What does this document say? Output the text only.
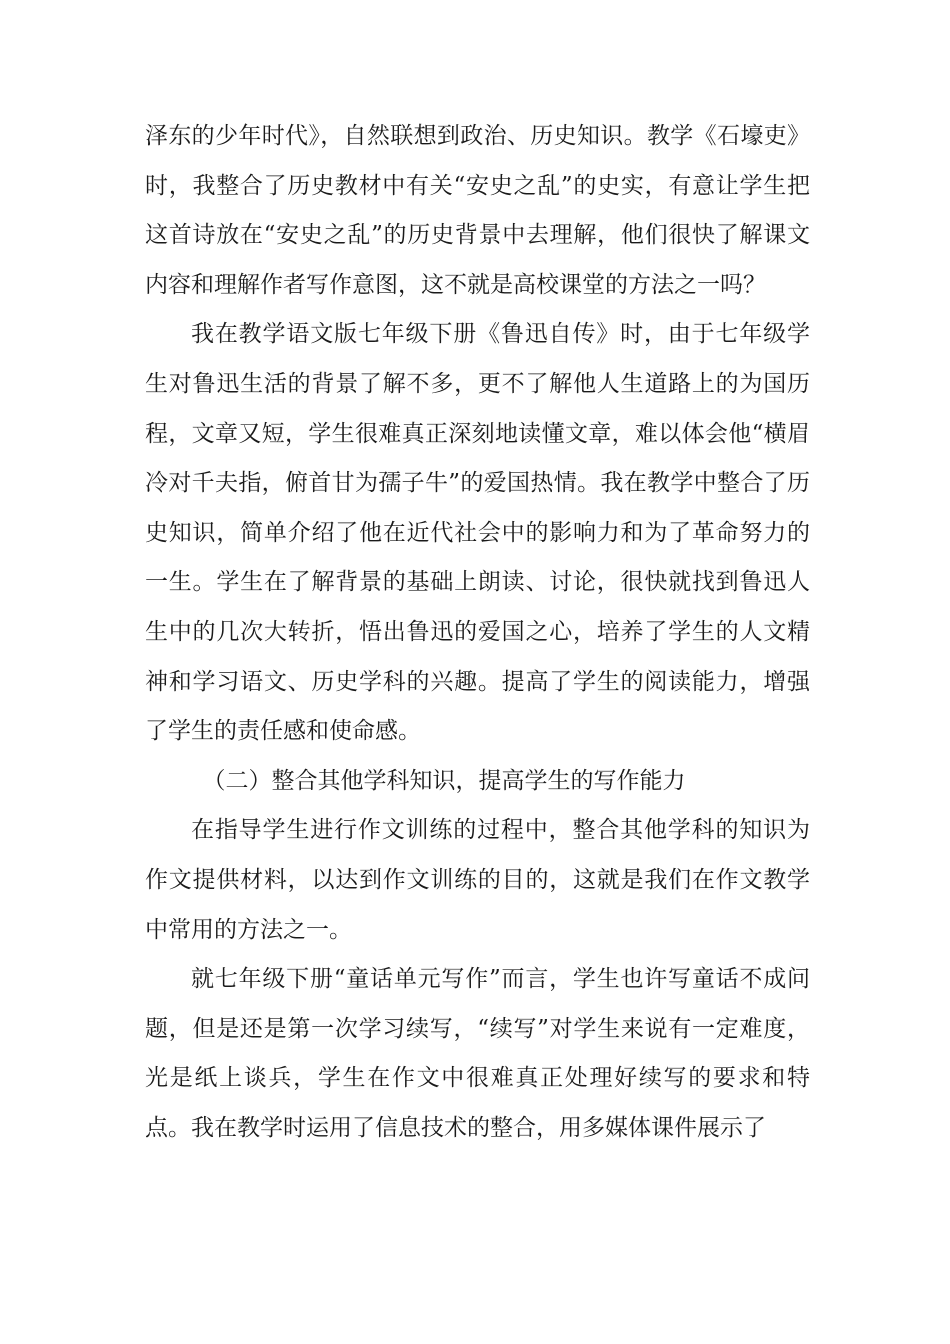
泽东的少年时代》，自然联想到政治、历史知识。教学《石壕吏》时，我整合了历史教材中有关“安史之乱”的史实，有意让学生把这首诗放在“安史之乱”的历史背景中去理解，他们很快了解课文内容和理解作者写作意图，这不就是高校课堂的方法之一吗？

我在教学语文版七年级下册《鲁迅自传》时，由于七年级学生对鲁迅生活的背景了解不多，更不了解他人生道路上的为国历程，文章又短，学生很难真正深刻地读懂文章，难以体会他“横眉冷对千夫指，俯首甘为孺子牛”的爱国热情。我在教学中整合了历史知识，简单介绍了他在近代社会中的影响力和为了革命努力的一生。学生在了解背景的基础上朗读、讨论，很快就找到鲁迅人生中的几次大转折，悟出鲁迅的爱国之心，培养了学生的人文精神和学习语文、历史学科的兴趣。提高了学生的阅读能力，增强了学生的责任感和使命感。

（二）整合其他学科知识，提高学生的写作能力

在指导学生进行作文训练的过程中，整合其他学科的知识为作文提供材料，以达到作文训练的目的，这就是我们在作文教学中常用的方法之一。

就七年级下册“童话单元写作”而言，学生也许写童话不成问题，但是还是第一次学习续写，“续写”对学生来说有一定难度，光是纸上谈兵，学生在作文中很难真正处理好续写的要求和特点。我在教学时运用了信息技术的整合，用多媒体课件展示了
